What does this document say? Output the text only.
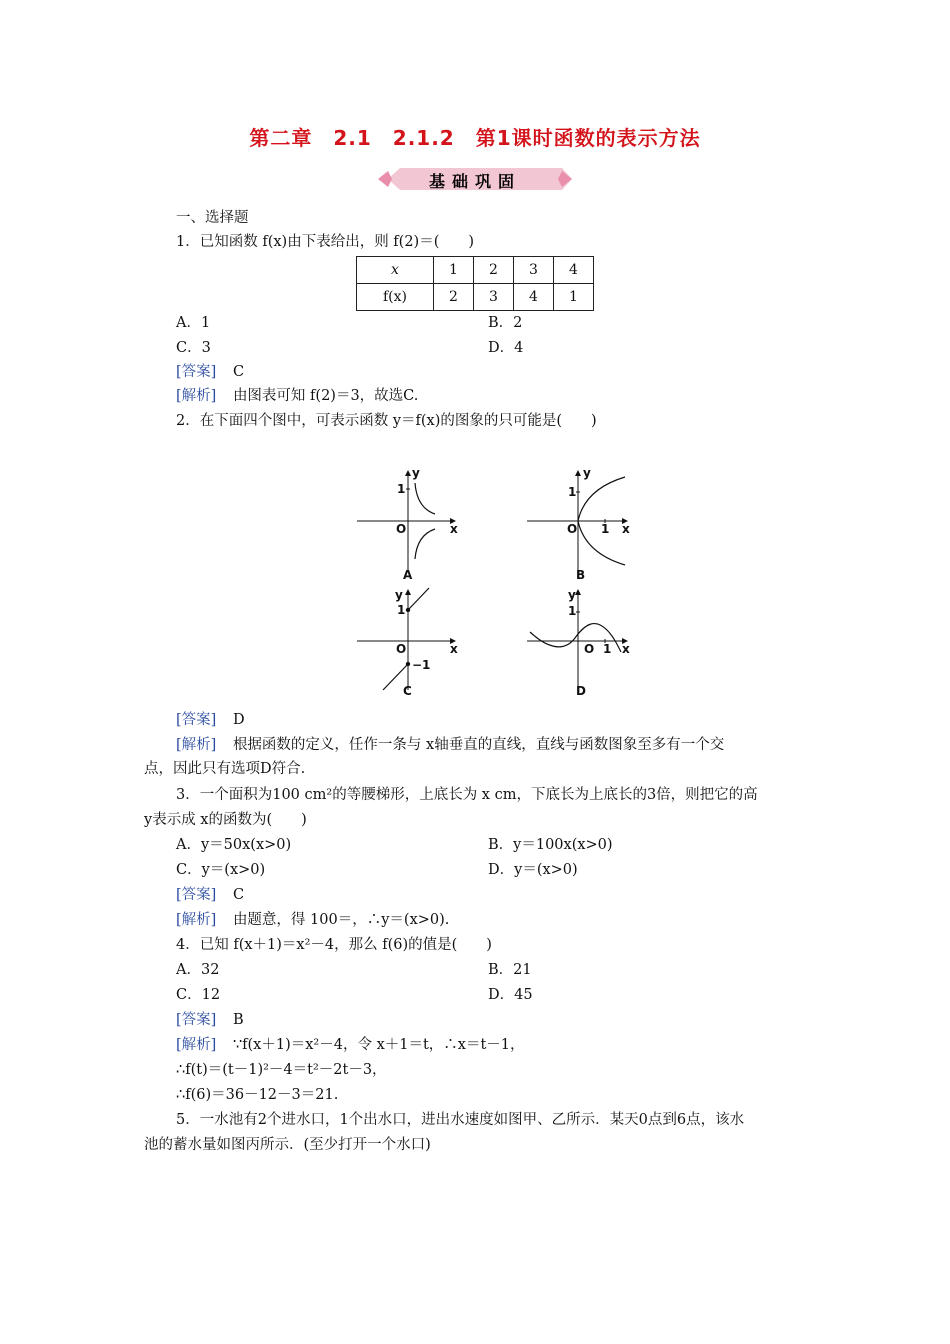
第二章　2.1　2.1.2　第1课时函数的表示方法
基础巩固
一、选择题
1．已知函数 f(x)由下表给出，则 f(2)＝(　　)
x	1	2	3	4
f(x)	2	3	4	1
A．1	B．2
C．3	D．4
[答案] C
[解析] 由图表可知 f(2)＝3，故选C.
2．在下面四个图中，可表示函数 y＝f(x)的图象的只可能是(　　)
y
1
O	x
A
y
1
O 1 x
B
y
1
O	x
−1
C
y
1
O 1 x
D
[答案] D
[解析] 根据函数的定义，任作一条与 x轴垂直的直线，直线与函数图象至多有一个交
点，因此只有选项D符合.
3．一个面积为100 cm²的等腰梯形，上底长为 x cm，下底长为上底长的3倍，则把它的高
y表示成 x的函数为(　　)
A．y＝50x(x>0)	B．y＝100x(x>0)
C．y＝(x>0)	D．y＝(x>0)
[答案] C
[解析] 由题意，得 100＝，∴y＝(x>0).
4．已知 f(x＋1)＝x²－4，那么 f(6)的值是(　　)
A．32	B．21
C．12	D．45
[答案] B
[解析] ∵f(x＋1)＝x²－4，令 x＋1＝t，∴x＝t－1，
∴f(t)＝(t－1)²－4＝t²－2t－3，
∴f(6)＝36－12－3＝21.
5．一水池有2个进水口，1个出水口，进出水速度如图甲、乙所示．某天0点到6点，该水
池的蓄水量如图丙所示．(至少打开一个水口)
